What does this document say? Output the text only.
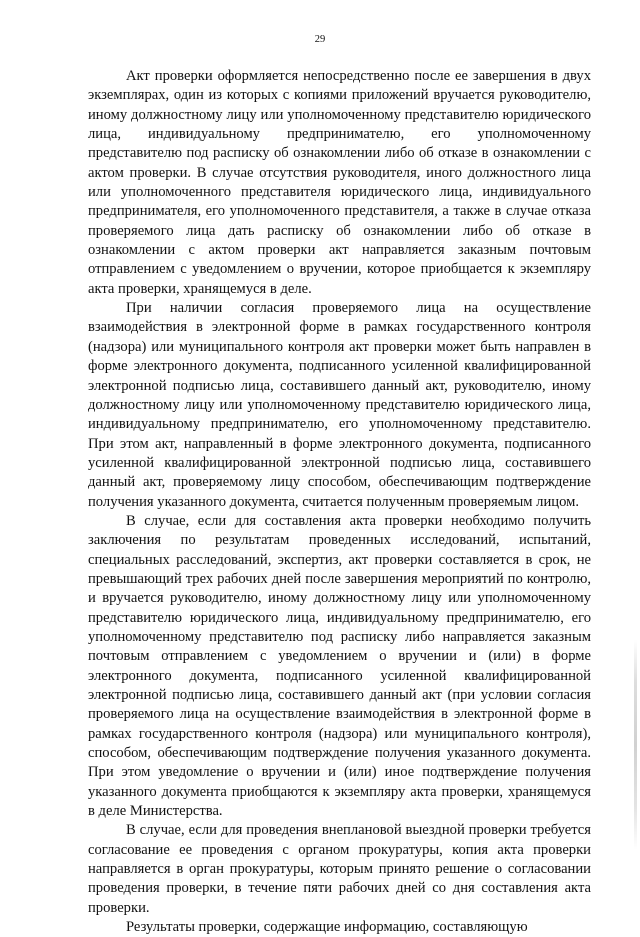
29

Акт проверки оформляется непосредственно после ее завершения в двух экземплярах, один из которых с копиями приложений вручается руководителю, иному должностному лицу или уполномоченному представителю юридического лица, индивидуальному предпринимателю, его уполномоченному представителю под расписку об ознакомлении либо об отказе в ознакомлении с актом проверки. В случае отсутствия руководителя, иного должностного лица или уполномоченного представителя юридического лица, индивидуального предпринимателя, его уполномоченного представителя, а также в случае отказа проверяемого лица дать расписку об ознакомлении либо об отказе в ознакомлении с актом проверки акт направляется заказным почтовым отправлением с уведомлением о вручении, которое приобщается к экземпляру акта проверки, хранящемуся в деле.

При наличии согласия проверяемого лица на осуществление взаимодействия в электронной форме в рамках государственного контроля (надзора) или муниципального контроля акт проверки может быть направлен в форме электронного документа, подписанного усиленной квалифицированной электронной подписью лица, составившего данный акт, руководителю, иному должностному лицу или уполномоченному представителю юридического лица, индивидуальному предпринимателю, его уполномоченному представителю. При этом акт, направленный в форме электронного документа, подписанного усиленной квалифицированной электронной подписью лица, составившего данный акт, проверяемому лицу способом, обеспечивающим подтверждение получения указанного документа, считается полученным проверяемым лицом.

В случае, если для составления акта проверки необходимо получить заключения по результатам проведенных исследований, испытаний, специальных расследований, экспертиз, акт проверки составляется в срок, не превышающий трех рабочих дней после завершения мероприятий по контролю, и вручается руководителю, иному должностному лицу или уполномоченному представителю юридического лица, индивидуальному предпринимателю, его уполномоченному представителю под расписку либо направляется заказным почтовым отправлением с уведомлением о вручении и (или) в форме электронного документа, подписанного усиленной квалифицированной электронной подписью лица, составившего данный акт (при условии согласия проверяемого лица на осуществление взаимодействия в электронной форме в рамках государственного контроля (надзора) или муниципального контроля), способом, обеспечивающим подтверждение получения указанного документа. При этом уведомление о вручении и (или) иное подтверждение получения указанного документа приобщаются к экземпляру акта проверки, хранящемуся в деле Министерства.

В случае, если для проведения внеплановой выездной проверки требуется согласование ее проведения с органом прокуратуры, копия акта проверки направляется в орган прокуратуры, которым принято решение о согласовании проведения проверки, в течение пяти рабочих дней со дня составления акта проверки.

Результаты проверки, содержащие информацию, составляющую
